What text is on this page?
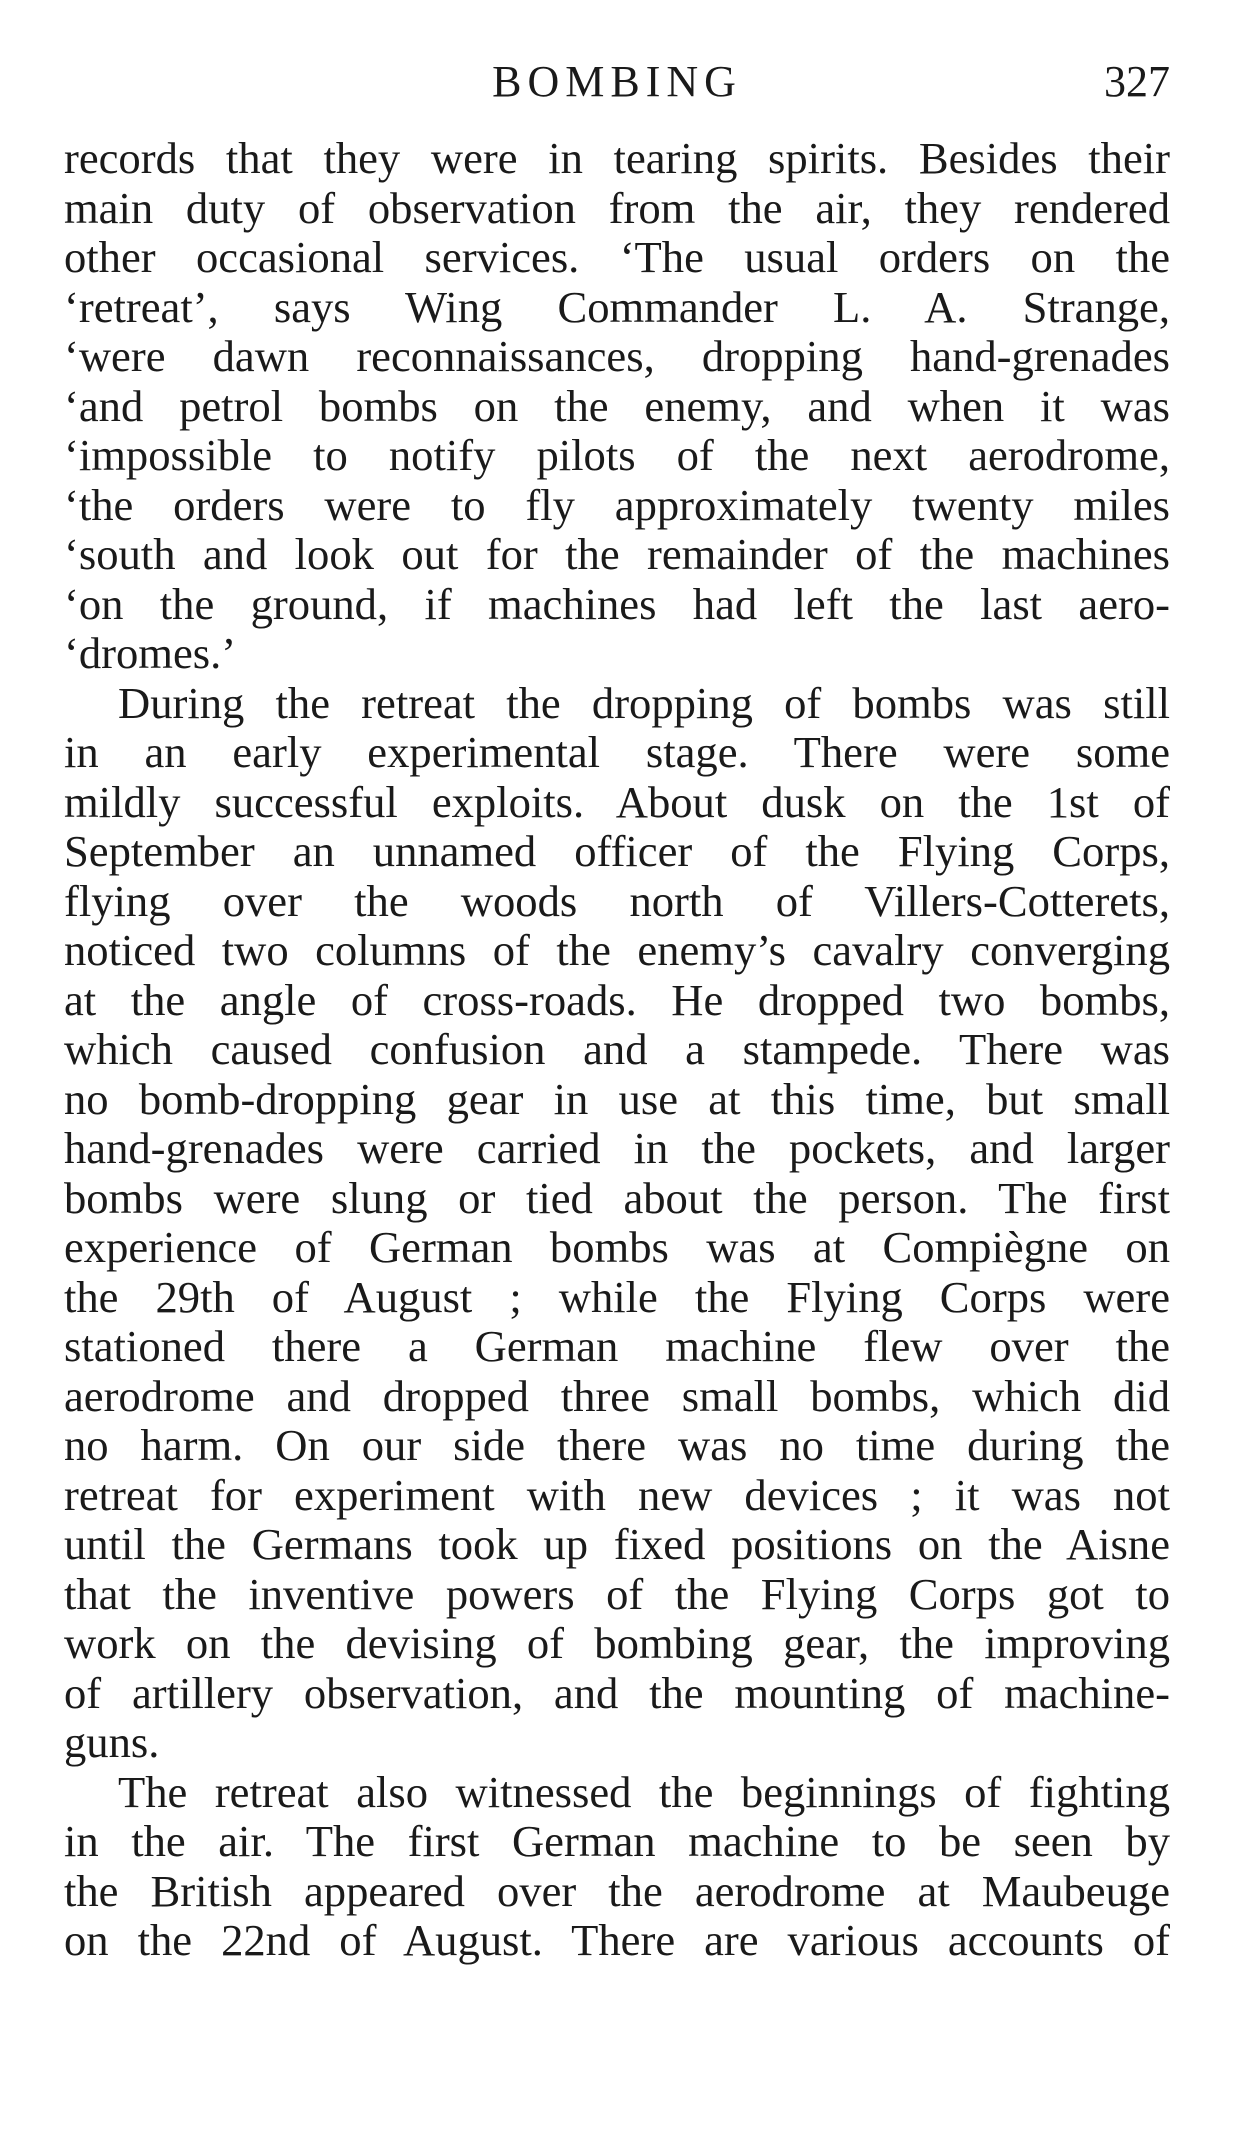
BOMBING	327
records that they were in tearing spirits. Besides their
main duty of observation from the air, they rendered
other occasional services. ‘The usual orders on the
‘retreat’, says Wing Commander L. A. Strange,
‘were dawn reconnaissances, dropping hand-grenades
‘and petrol bombs on the enemy, and when it was
‘impossible to notify pilots of the next aerodrome,
‘the orders were to fly approximately twenty miles
‘south and look out for the remainder of the machines
‘on the ground, if machines had left the last aero-
‘dromes.’
During the retreat the dropping of bombs was still
in an early experimental stage. There were some
mildly successful exploits. About dusk on the 1st of
September an unnamed officer of the Flying Corps,
flying over the woods north of Villers-Cotterets,
noticed two columns of the enemy’s cavalry converging
at the angle of cross-roads. He dropped two bombs,
which caused confusion and a stampede. There was
no bomb-dropping gear in use at this time, but small
hand-grenades were carried in the pockets, and larger
bombs were slung or tied about the person. The first
experience of German bombs was at Compiègne on
the 29th of August ; while the Flying Corps were
stationed there a German machine flew over the
aerodrome and dropped three small bombs, which did
no harm. On our side there was no time during the
retreat for experiment with new devices ; it was not
until the Germans took up fixed positions on the Aisne
that the inventive powers of the Flying Corps got to
work on the devising of bombing gear, the improving
of artillery observation, and the mounting of machine-
guns.
The retreat also witnessed the beginnings of fighting
in the air. The first German machine to be seen by
the British appeared over the aerodrome at Maubeuge
on the 22nd of August. There are various accounts of
